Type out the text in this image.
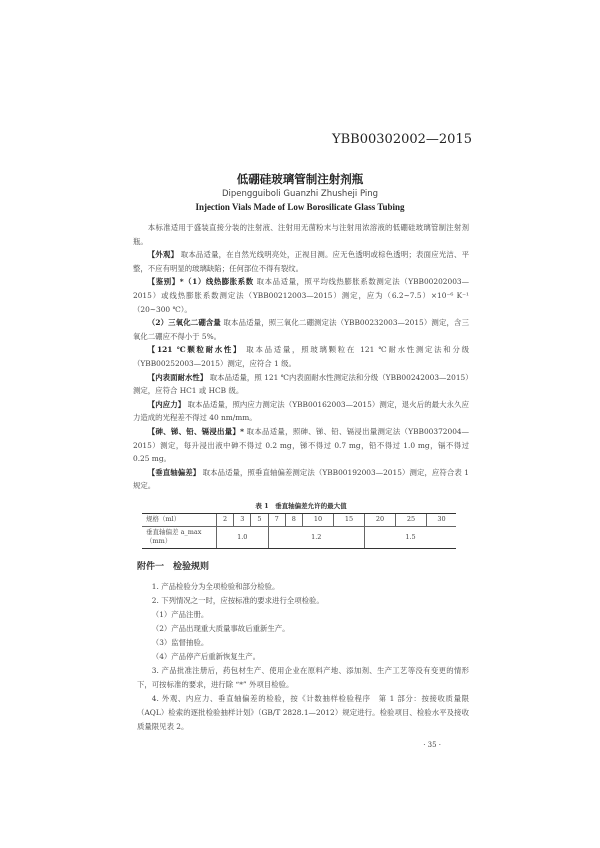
YBB00302002—2015
低硼硅玻璃管制注射剂瓶
Dipengguiboli Guanzhi Zhusheji Ping
Injection Vials Made of Low Borosilicate Glass Tubing

本标准适用于盛装直接分装的注射液、注射用无菌粉末与注射用浓溶液的低硼硅玻璃管制注射剂瓶。

【外观】 取本品适量，在自然光线明亮处，正视目测。应无色透明或棕色透明；表面应光洁、平整，不应有明显的玻璃缺陷；任何部位不得有裂纹。

【鉴别】*（1）线热膨胀系数 取本品适量，照平均线热膨胀系数测定法（YBB00202003—2015）或线热膨胀系数测定法（YBB00212003—2015）测定，应为（6.2~7.5）×10⁻⁶ K⁻¹（20~300 ℃）。

（2）三氧化二硼含量 取本品适量，照三氧化二硼测定法（YBB00232003—2015）测定，含三氧化二硼应不得小于 5%。

【121 ℃颗粒耐水性】 取本品适量，照玻璃颗粒在 121 ℃耐水性测定法和分级（YBB00252003—2015）测定，应符合 1 级。

【内表面耐水性】 取本品适量，照 121 ℃内表面耐水性测定法和分级（YBB00242003—2015）测定，应符合 HC1 或 HCB 级。

【内应力】 取本品适量，照内应力测定法（YBB00162003—2015）测定，退火后的最大永久应力造成的光程差不得过 40 nm/mm。

【砷、锑、铅、镉浸出量】* 取本品适量，照砷、锑、铅、镉浸出量测定法（YBB00372004—2015）测定，每升浸出液中砷不得过 0.2 mg，锑不得过 0.7 mg，铅不得过 1.0 mg，镉不得过 0.25 mg。

【垂直轴偏差】 取本品适量，照垂直轴偏差测定法（YBB00192003—2015）测定，应符合表 1 规定。

表 1　垂直轴偏差允许的最大值
规格（ml）	2	3	5	7	8	10	15	20	25	30
垂直轴偏差 a_max（mm）	1.0			1.2				1.5		
附件一　检验规则

1. 产品检验分为全项检验和部分检验。

2. 下列情况之一时，应按标准的要求进行全项检验。

（1）产品注册。

（2）产品出现重大质量事故后重新生产。

（3）监督抽验。

（4）产品停产后重新恢复生产。

3. 产品批准注册后，药包材生产、使用企业在原料产地、添加剂、生产工艺等没有变更的情形下，可按标准的要求，进行除 “*” 外项目检验。

4. 外观、内应力、垂直轴偏差的检验，按《计数抽样检验程序　第 1 部分：按接收质量限（AQL）检索的逐批检验抽样计划》（GB/T 2828.1—2012）规定进行。检验项目、检验水平及接收质量限见表 2。

· 35 ·
